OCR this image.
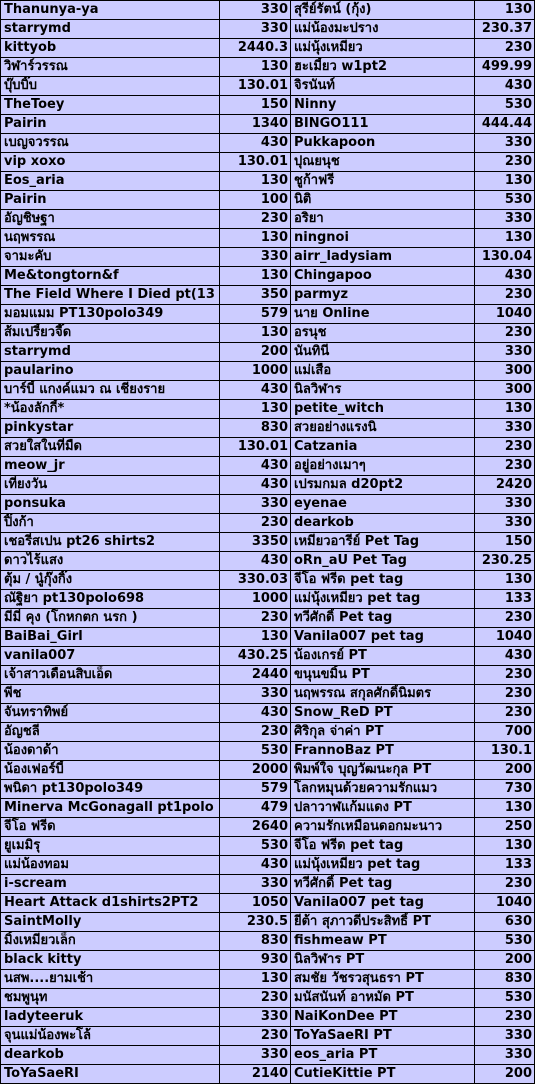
Thanunya-ya	330 สุรีย์รัตน์ (กุ้ง)	130
starrymd	330 แม่น้องมะปราง	230.37
kittyob	2440.3 แม่นุ้งเหมียว	230
วิฬาร์วรรณ	130 ฮะเมี้ยว w1pt2	499.99
บุ๊บบิ๊บ	130.01 จิรนันท์	430
TheToey	150 Ninny	530
Pairin	1340 BINGO111	444.44
เบญจวรรณ	430 Pukkapoon	330
vip xoxo	130.01 ปุณยนุช	230
Eos_aria	130 ชูก้าฟรี	130
Pairin	100 นิติ	530
อัญชิษฐา	230 อริยา	330
นฤพรรณ	130 ningnoi	130
จามะคับ	330 airr_ladysiam	130.04
Me&tongtorn&f	130 Chingapoo	430
The Field Where I Died pt(13	350 parmyz	230
มอมแมม PT130polo349	579 นาย Online	1040
ส้มเปรี้ยวจี๊ด	130 อรนุช	230
starrymd	200 นันทินี	330
paularino	1000 แม่เสือ	300
บาร์บี้ แกงค์แมว ณ เชียงราย	430 นิลวิฬาร	300
*น้องลักกี้*	130 petite_witch	130
pinkystar	830 สวยอย่างแรงนิ	330
สวยใสในที่มืด	130.01 Catzania	230
meow_jr	430 อยู่อย่างเมาๆ	230
เที่ยงวัน	430 เปรมกมล d20pt2	2420
ponsuka	330 eyenae	330
ปิ๊งก้า	230 dearkob	330
เชอรี่สเปน pt26 shirts2	3350 เหมียวอารีย์ Pet Tag	150
ดาวไร้แสง	430 oRn_aU Pet Tag	230.25
ตุ้ม / นู๋กุ๊งกิ๊ง	330.03 จีโอ ฟรีด pet tag	130
ณัฐิยา pt130polo698	1000 แม่นุ้งเหมียว pet tag	133
มีมี่ คุง (โกหกตก นรก )	230 ทวีศักดิ์ Pet tag	230
BaiBai_Girl	130 Vanila007 pet tag	1040
vanila007	430.25 น้องเกรย์ PT	430
เจ้าสาวเดือนสิบเอ็ด	2440 ขนุนขมิ้น PT	230
พีช	330 นฤพรรณ สกุลศักดิ์นิมตร	230
จันทราทิพย์	430 Snow_ReD PT	230
อัญชลี	230 ศิริกุล จ่าค่า PT	700
น้องดาด้า	530 FrannoBaz PT	130.1
น้องเฟอร์บี้	2000 พิมพ์ใจ บุญวัฒนะกุล PT	200
พนิดา pt130polo349	579 โลกหมุนด้วยความรักแมว	730
Minerva McGonagall pt1polo	479 ปลาวาฬแก้มแดง PT	130
จีโอ ฟรีด	2640 ความรักเหมือนดอกมะนาว	250
ยูเมมิรุ	530 จีโอ ฟรีด pet tag	130
แม่น้องทอม	430 แม่นุ้งเหมียว pet tag	133
i-scream	330 ทวีศักดิ์ Pet tag	230
Heart Attack d1shirts2PT2	1050 Vanila007 pet tag	1040
SaintMolly	230.5 ยีต้า สุภาวดีประสิทธิ์ PT	630
มิ้งเหมียวเล็ก	830 fishmeaw PT	530
black kitty	930 นิลวิฬาร PT	200
นสพ....ยามเช้า	130 สมชัย วัชรวสุนธรา PT	830
ชมพูนุท	230 มนัสนันท์ อาหมัด PT	530
ladyteeruk	330 NaiKonDee PT	230
จุนแม่น้องพะโล้	230 ToYaSaeRI PT	330
dearkob	330 eos_aria PT	330
ToYaSaeRI	2140 CutieKittie PT	200
